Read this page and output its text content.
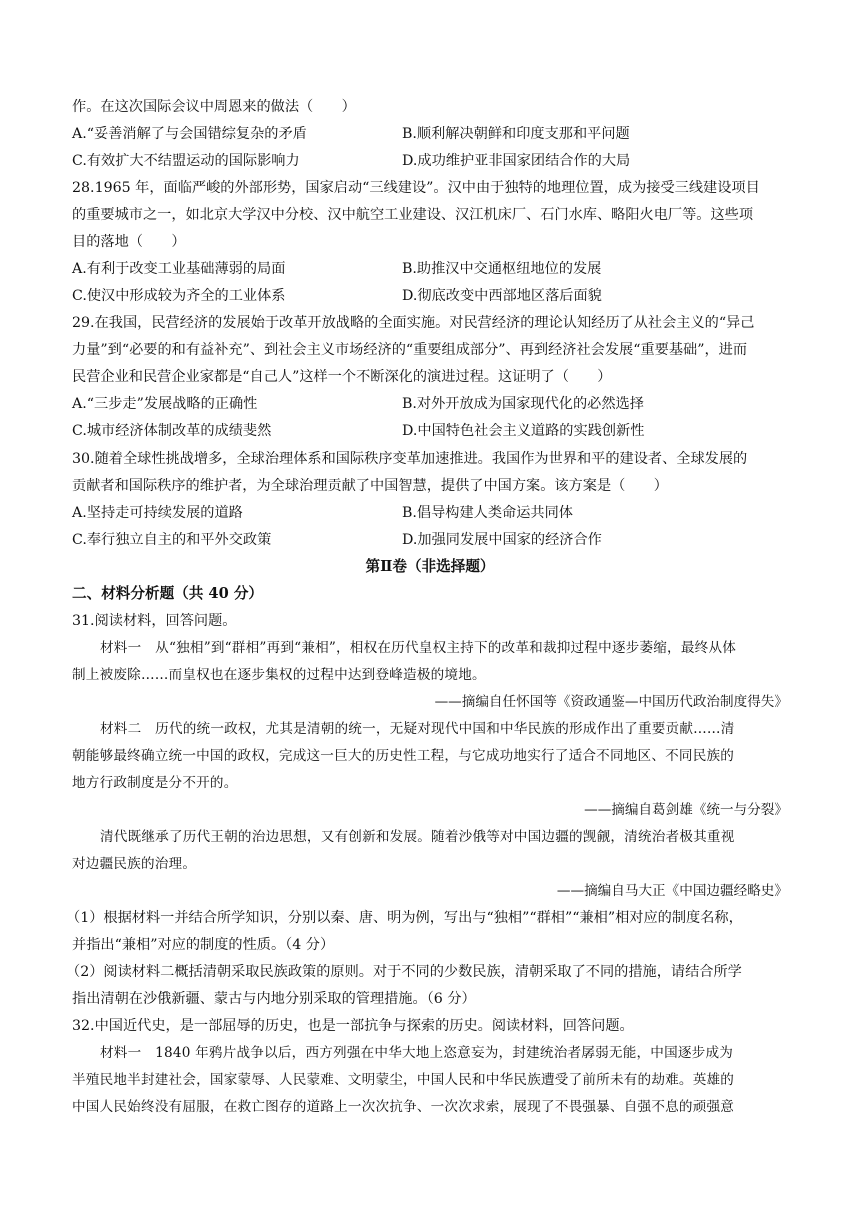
作。在这次国际会议中周恩来的做法（　　）
A.“妥善消解了与会国错综复杂的矛盾	B.顺利解决朝鲜和印度支那和平问题
C.有效扩大不结盟运动的国际影响力	D.成功维护亚非国家团结合作的大局
28.1965 年，面临严峻的外部形势，国家启动“三线建设”。汉中由于独特的地理位置，成为接受三线建设项目
的重要城市之一，如北京大学汉中分校、汉中航空工业建设、汉江机床厂、石门水库、略阳火电厂等。这些项
目的落地（　　）
A.有利于改变工业基础薄弱的局面	B.助推汉中交通枢纽地位的发展
C.使汉中形成较为齐全的工业体系	D.彻底改变中西部地区落后面貌
29.在我国，民营经济的发展始于改革开放战略的全面实施。对民营经济的理论认知经历了从社会主义的“异己
力量”到“必要的和有益补充”、到社会主义市场经济的“重要组成部分”、再到经济社会发展“重要基础”，进而
民营企业和民营企业家都是“自己人”这样一个不断深化的演进过程。这证明了（　　）
A.“三步走”发展战略的正确性	B.对外开放成为国家现代化的必然选择
C.城市经济体制改革的成绩斐然	D.中国特色社会主义道路的实践创新性
30.随着全球性挑战增多，全球治理体系和国际秩序变革加速推进。我国作为世界和平的建设者、全球发展的
贡献者和国际秩序的维护者，为全球治理贡献了中国智慧，提供了中国方案。该方案是（　　）
A.坚持走可持续发展的道路	B.倡导构建人类命运共同体
C.奉行独立自主的和平外交政策	D.加强同发展中国家的经济合作
第Ⅱ卷（非选择题）
二、材料分析题（共 40 分）
31.阅读材料，回答问题。
材料一　从“独相”到“群相”再到“兼相”，相权在历代皇权主持下的改革和裁抑过程中逐步萎缩，最终从体
制上被废除……而皇权也在逐步集权的过程中达到登峰造极的境地。
——摘编自任怀国等《资政通鉴—中国历代政治制度得失》
材料二　历代的统一政权，尤其是清朝的统一，无疑对现代中国和中华民族的形成作出了重要贡献……清
朝能够最终确立统一中国的政权，完成这一巨大的历史性工程，与它成功地实行了适合不同地区、不同民族的
地方行政制度是分不开的。
——摘编自葛剑雄《统一与分裂》
清代既继承了历代王朝的治边思想，又有创新和发展。随着沙俄等对中国边疆的觊觎，清统治者极其重视
对边疆民族的治理。
——摘编自马大正《中国边疆经略史》
（1）根据材料一并结合所学知识，分别以秦、唐、明为例，写出与“独相”“群相”“兼相”相对应的制度名称，
并指出“兼相”对应的制度的性质。（4 分）
（2）阅读材料二概括清朝采取民族政策的原则。对于不同的少数民族，清朝采取了不同的措施，请结合所学
指出清朝在沙俄新疆、蒙古与内地分别采取的管理措施。（6 分）
32.中国近代史，是一部屈辱的历史，也是一部抗争与探索的历史。阅读材料，回答问题。
材料一　1840 年鸦片战争以后，西方列强在中华大地上恣意妄为，封建统治者孱弱无能，中国逐步成为
半殖民地半封建社会，国家蒙辱、人民蒙难、文明蒙尘，中国人民和中华民族遭受了前所未有的劫难。英雄的
中国人民始终没有屈服，在救亡图存的道路上一次次抗争、一次次求索，展现了不畏强暴、自强不息的顽强意
